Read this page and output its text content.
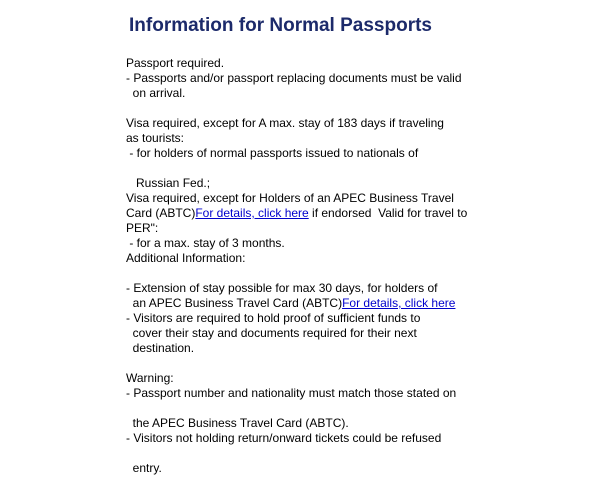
Information for Normal Passports
Passport required.
- Passports and/or passport replacing documents must be valid
on arrival.
Visa required, except for A max. stay of 183 days if traveling
as tourists:
- for holders of normal passports issued to nationals of
Russian Fed.;
Visa required, except for Holders of an APEC Business Travel
Card (ABTC)For details, click here if endorsed  Valid for travel to
PER":
- for a max. stay of 3 months.
Additional Information:
- Extension of stay possible for max 30 days, for holders of
an APEC Business Travel Card (ABTC)For details, click here
- Visitors are required to hold proof of sufficient funds to
cover their stay and documents required for their next
destination.
Warning:
- Passport number and nationality must match those stated on
the APEC Business Travel Card (ABTC).
- Visitors not holding return/onward tickets could be refused
entry.
